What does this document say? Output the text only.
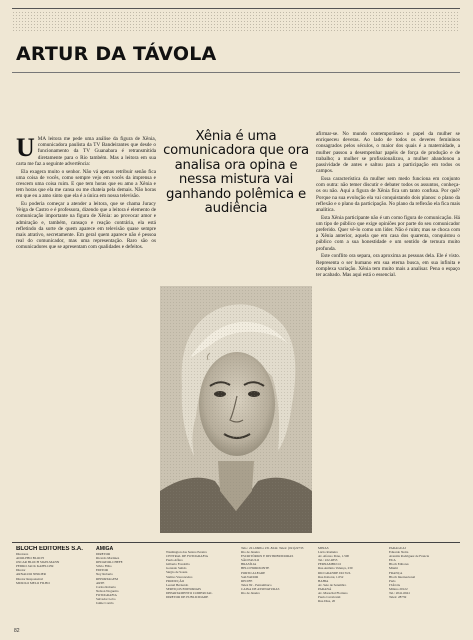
ARTUR DA TÁVOLA

UMA leitora me pede uma análise da figura de Xênia, comunicadora paulista da TV Bandeirantes que desde o funcionamento da TV Guanabara é retransmitida diretamente para o Rio também. Mas a leitora em sua carta me faz a seguinte advertência:

Ela exagera muito o senhor. Não vá apenas retribuir senão fica uma coisa de vocês, como sempre vejo em vocês da imprensa e crescem uma coisa ruim. E que tem horas que eu amo a Xênia e tem horas que ela me cansa ou me chateia pela demais. Não horas em que eu a amo sinto que ela é a única em nossa televisão.

Eu poderia começar a atender a leitora, que se chama Juracy Veiga de Castro e é professora, dizendo que a leitora é elemento de comunicação importante na figura de Xênia: ao provocar amor e admiração e, também, cansaço e reação contrária, ela está refletindo da sorte de quem aparece em televisão quase sempre mais atrativo, secretamente. Em geral quem aparece não é pessoa real do comunicador, mas uma representação. Raro são os comunicadores que se apresentam com qualidades e defeitos.

Xênia é uma comunicadora que ora analisa ora opina e nessa mistura vai ganhando polêmica e audiência

afirmar-se. No mundo contemporâneo o papel da mulher se enriqueceu deveras. Ao lado de todos os deveres femininos consagrados pelos séculos, o maior dos quais é a maternidade, a mulher passou a desempenhar papéis de força de produção e de trabalho; a mulher se profissionalizou, a mulher abandonou a passividade de antes e saltou para a participação em todos os campos.

Essa característica da mulher sem medo funciona em conjunto com outra: não temer discutir e debater todos os assuntos, conheça-os ou não. Aqui a figura de Xênia fica um tanto confusa. Por quê? Porque na sua evolução ela vai conquistando dois planos: o plano da reflexão e o plano da participação. No plano da reflexão ela fica mais analítica.

Esta Xênia participante não é um como figura de comunicação. Há um tipo de público que exige opiniões por parte do seu comunicador preferido. Quer vê-lo como um líder. Não é ruim; mas se choca com a Xênia anterior, aquela que em casa dos quarenta, conquistou o público com a sua honestidade e um sentido de ternura muito profunda.

Este conflito ora separa, ora aproxima as pessoas dela. Ele é visto. Representa o ser humano em sua eterna busca, em sua infinita e complexa variação. Xênia tem muito mais a analisar. Pena o espaço ter acabado. Mas aqui está o essencial.

BLOCH EDITORES S.A.
Diretores
ADOLPHO BLOCH
OSCAR BLOCH SIGELMANN
PEDRO JACK KAPELLER
Diretor
ARNALDO NISKIER
Diretor Responsável
MURILO MELO FILHO
AMIGA
DIRETOR
Ricardo Martinez
REDATOR-CHEFE
Sílvio Filho
EDITOR
Ney Roberto
REPORTAGEM
ARTE
Carlos Roberto
Nelson Nogueira
FOTOGRAFIA
Salvador Lobo
Jaime Corrêa
Washington das Santos Pereira
CENTRAL DE FOTOGRAFIA
Paulo Affaro
Gilberto Fondolla
Gonzalo Salido
Sérgio de Souza
Stelino Vasconcelos
PRODUÇÃO
Leonel Bernardo
SERVIÇOS EDITORIAIS
DEPARTAMENTO COMERCIAL
DIRETOR DE PUBLICIDADE
Tels.: 221-6666 e 231-8242. Telex: (021)22733
Rio de Janeiro
ESCRITÓRIOS E DISTRIBUIDORAS
SÃO PAULO
BRASÍLIA
BELO HORIZONTE
PORTO ALEGRE
SALVADOR
RECIFE
Telex 82 - Pernambuco
CAIXA DE ASSINATURAS
Rio de Janeiro
MINAS
Lúcio Romeiro
Av. Afonso Pena, 1.500
Tel.: 222-4855
PERNAMBUCO
Rua Antônio Valença, 230
RIO GRANDE DO SUL
Rua Itaboraí, 1.052
BAHIA
Av. Sete de Setembro
PARANÁ
Av. Marechal Floriano
Paulo Cavalcanti
Rua Dias, 20
PARAGUAI
Eduardo Neira
Avenida Rodríguez de Francia
EUA
Bloch Editores
Miami
FRANÇA
Bloch Internacional
Paris
ITÁLIA
Milano 20122
Tel.: 2041-6641
Telex: 28759
82
